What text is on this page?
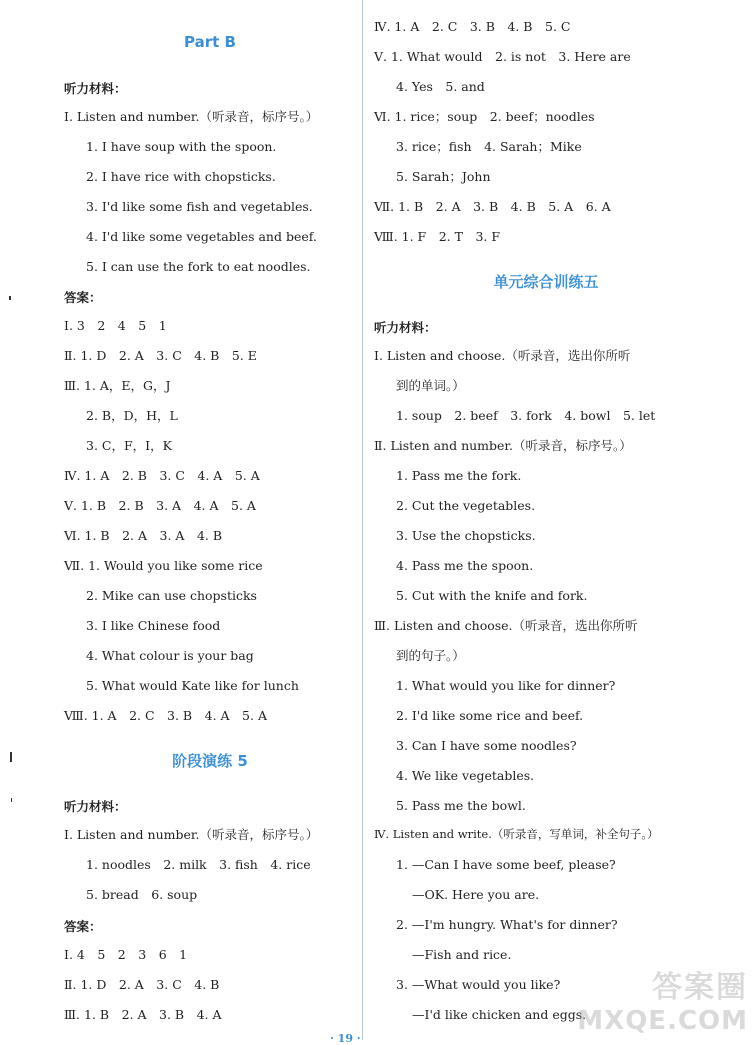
Part B
听力材料：
Ⅰ. Listen and number.（听录音，标序号。）
1. I have soup with the spoon.
2. I have rice with chopsticks.
3. I'd like some fish and vegetables.
4. I'd like some vegetables and beef.
5. I can use the fork to eat noodles.
答案：
Ⅰ. 3　2　4　5　1
Ⅱ. 1. D　2. A　3. C　4. B　5. E
Ⅲ. 1. A，E，G，J
2. B，D，H，L
3. C，F，I，K
Ⅳ. 1. A　2. B　3. C　4. A　5. A
Ⅴ. 1. B　2. B　3. A　4. A　5. A
Ⅵ. 1. B　2. A　3. A　4. B
Ⅶ. 1. Would you like some rice
2. Mike can use chopsticks
3. I like Chinese food
4. What colour is your bag
5. What would Kate like for lunch
Ⅷ. 1. A　2. C　3. B　4. A　5. A
阶段演练 5
听力材料：
Ⅰ. Listen and number.（听录音，标序号。）
1. noodles　2. milk　3. fish　4. rice
5. bread　6. soup
答案：
Ⅰ. 4　5　2　3　6　1
Ⅱ. 1. D　2. A　3. C　4. B
Ⅲ. 1. B　2. A　3. B　4. A
Ⅳ. 1. A　2. C　3. B　4. B　5. C
Ⅴ. 1. What would　2. is not　3. Here are
4. Yes　5. and
Ⅵ. 1. rice；soup　2. beef；noodles
3. rice；fish　4. Sarah；Mike
5. Sarah；John
Ⅶ. 1. B　2. A　3. B　4. B　5. A　6. A
Ⅷ. 1. F　2. T　3. F
单元综合训练五
听力材料：
Ⅰ. Listen and choose.（听录音，选出你所听
到的单词。）
1. soup　2. beef　3. fork　4. bowl　5. let
Ⅱ. Listen and number.（听录音，标序号。）
1. Pass me the fork.
2. Cut the vegetables.
3. Use the chopsticks.
4. Pass me the spoon.
5. Cut with the knife and fork.
Ⅲ. Listen and choose.（听录音，选出你所听
到的句子。）
1. What would you like for dinner?
2. I'd like some rice and beef.
3. Can I have some noodles?
4. We like vegetables.
5. Pass me the bowl.
Ⅳ. Listen and write.（听录音，写单词，补全句子。）
1. —Can I have some beef, please?
—OK. Here you are.
2. —I'm hungry. What's for dinner?
—Fish and rice.
3. —What would you like?
—I'd like chicken and eggs.
· 19 ·
答案圈
MXQE.COM
